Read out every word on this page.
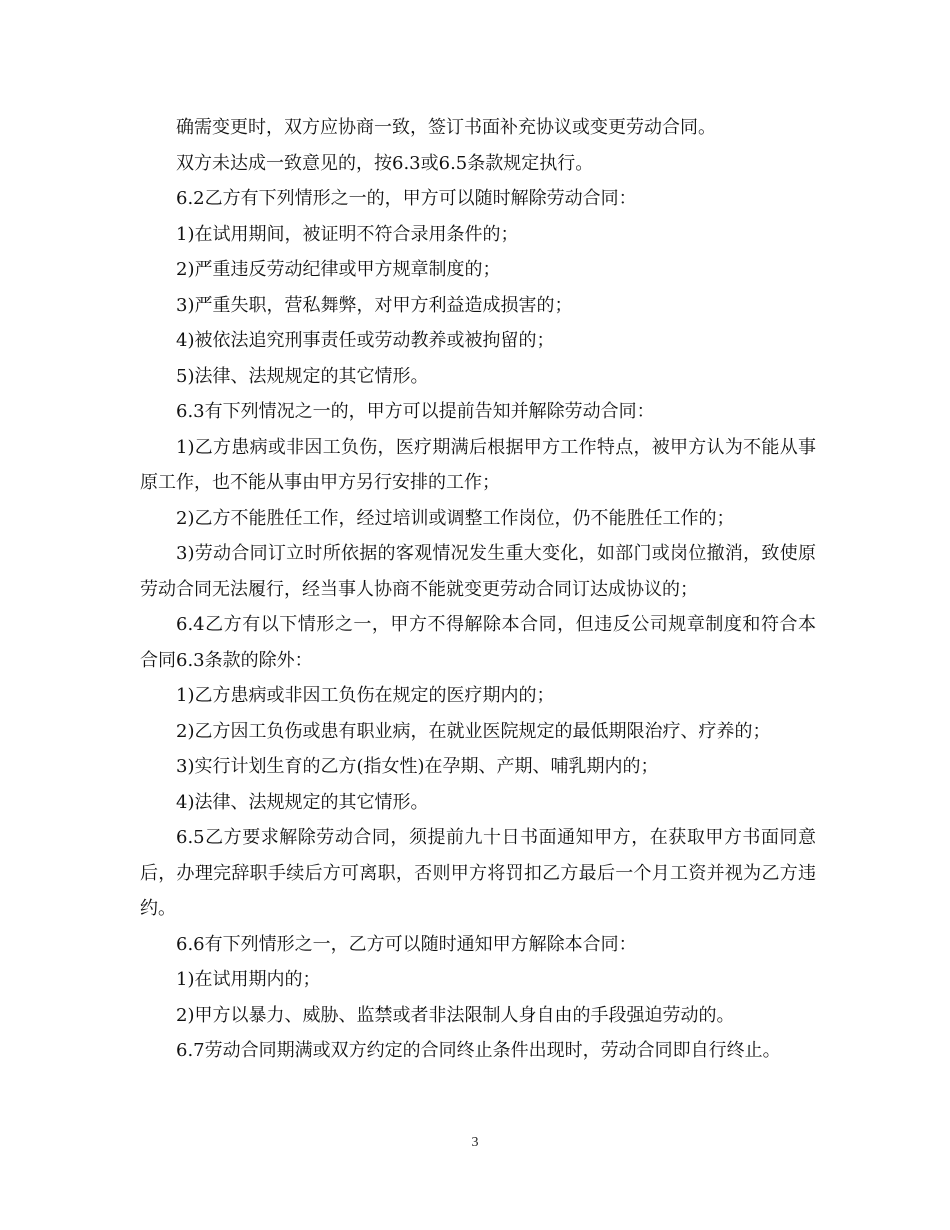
确需变更时，双方应协商一致，签订书面补充协议或变更劳动合同。

双方未达成一致意见的，按6.3或6.5条款规定执行。

6.2乙方有下列情形之一的，甲方可以随时解除劳动合同：

1)在试用期间，被证明不符合录用条件的；

2)严重违反劳动纪律或甲方规章制度的；

3)严重失职，营私舞弊，对甲方利益造成损害的；

4)被依法追究刑事责任或劳动教养或被拘留的；

5)法律、法规规定的其它情形。

6.3有下列情况之一的，甲方可以提前告知并解除劳动合同：

1)乙方患病或非因工负伤，医疗期满后根据甲方工作特点，被甲方认为不能从事原工作，也不能从事由甲方另行安排的工作；

2)乙方不能胜任工作，经过培训或调整工作岗位，仍不能胜任工作的；

3)劳动合同订立时所依据的客观情况发生重大变化，如部门或岗位撤消，致使原劳动合同无法履行，经当事人协商不能就变更劳动合同订达成协议的；

6.4乙方有以下情形之一，甲方不得解除本合同，但违反公司规章制度和符合本合同6.3条款的除外：

1)乙方患病或非因工负伤在规定的医疗期内的；

2)乙方因工负伤或患有职业病，在就业医院规定的最低期限治疗、疗养的；

3)实行计划生育的乙方(指女性)在孕期、产期、哺乳期内的；

4)法律、法规规定的其它情形。

6.5乙方要求解除劳动合同，须提前九十日书面通知甲方，在获取甲方书面同意后，办理完辞职手续后方可离职，否则甲方将罚扣乙方最后一个月工资并视为乙方违约。

6.6有下列情形之一，乙方可以随时通知甲方解除本合同：

1)在试用期内的；

2)甲方以暴力、威胁、监禁或者非法限制人身自由的手段强迫劳动的。

6.7劳动合同期满或双方约定的合同终止条件出现时，劳动合同即自行终止。

3
